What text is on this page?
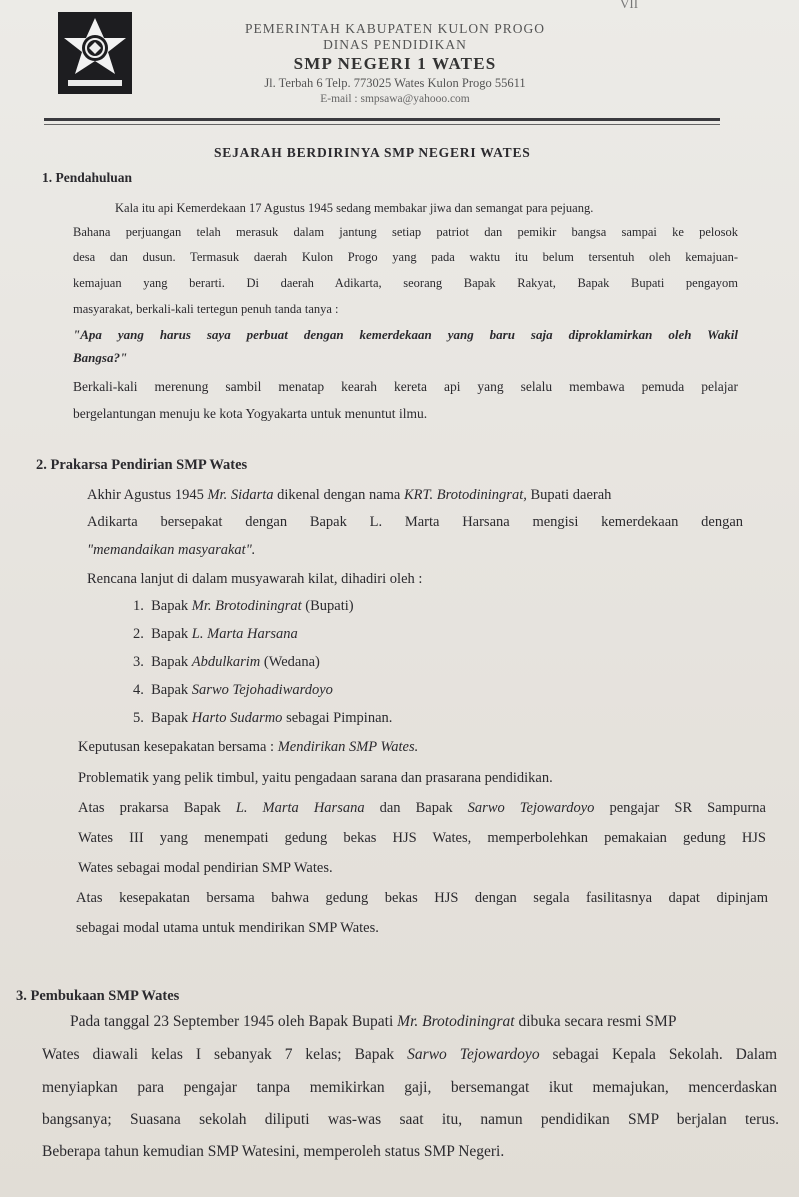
VII
PEMERINTAH KABUPATEN KULON PROGO
DINAS PENDIDIKAN
SMP NEGERI 1 WATES
Jl. Terbah 6 Telp. 773025 Wates Kulon Progo 55611
E-mail : smpsawa@yahooo.com
SEJARAH BERDIRINYA SMP NEGERI WATES
1. Pendahuluan
Kala itu api Kemerdekaan 17 Agustus 1945 sedang membakar jiwa dan semangat para pejuang.
Bahana perjuangan telah merasuk dalam jantung setiap patriot dan pemikir bangsa sampai ke pelosok
desa dan dusun. Termasuk daerah Kulon Progo yang pada waktu itu belum tersentuh oleh kemajuan-
kemajuan yang berarti. Di daerah Adikarta, seorang Bapak Rakyat, Bapak Bupati pengayom
masyarakat, berkali-kali tertegun penuh tanda tanya :
"Apa yang harus saya perbuat dengan kemerdekaan yang baru saja diproklamirkan oleh Wakil
Bangsa?"
Berkali-kali merenung sambil menatap kearah kereta api yang selalu membawa pemuda pelajar
bergelantungan menuju ke kota Yogyakarta untuk menuntut ilmu.
2. Prakarsa Pendirian SMP Wates
Akhir Agustus 1945 Mr. Sidarta dikenal dengan nama KRT. Brotodiningrat, Bupati daerah
Adikarta bersepakat dengan Bapak L. Marta Harsana mengisi kemerdekaan dengan
"memandaikan masyarakat".
Rencana lanjut di dalam musyawarah kilat, dihadiri oleh :
1. Bapak Mr. Brotodiningrat (Bupati)
2. Bapak L. Marta Harsana
3. Bapak Abdulkarim (Wedana)
4. Bapak Sarwo Tejohadiwardoyo
5. Bapak Harto Sudarmo sebagai Pimpinan.
Keputusan kesepakatan bersama : Mendirikan SMP Wates.
Problematik yang pelik timbul, yaitu pengadaan sarana dan prasarana pendidikan.
Atas prakarsa Bapak L. Marta Harsana dan Bapak Sarwo Tejowardoyo pengajar SR Sampurna
Wates III yang menempati gedung bekas HJS Wates, memperbolehkan pemakaian gedung HJS
Wates sebagai modal pendirian SMP Wates.
Atas kesepakatan bersama bahwa gedung bekas HJS dengan segala fasilitasnya dapat dipinjam
sebagai modal utama untuk mendirikan SMP Wates.
3. Pembukaan SMP Wates
Pada tanggal 23 September 1945 oleh Bapak Bupati Mr. Brotodiningrat dibuka secara resmi SMP
Wates diawali kelas I sebanyak 7 kelas; Bapak Sarwo Tejowardoyo sebagai Kepala Sekolah. Dalam
menyiapkan para pengajar tanpa memikirkan gaji, bersemangat ikut memajukan, mencerdaskan
bangsanya; Suasana sekolah diliputi was-was saat itu, namun pendidikan SMP berjalan terus.
Beberapa tahun kemudian SMP Watesini, memperoleh status SMP Negeri.
